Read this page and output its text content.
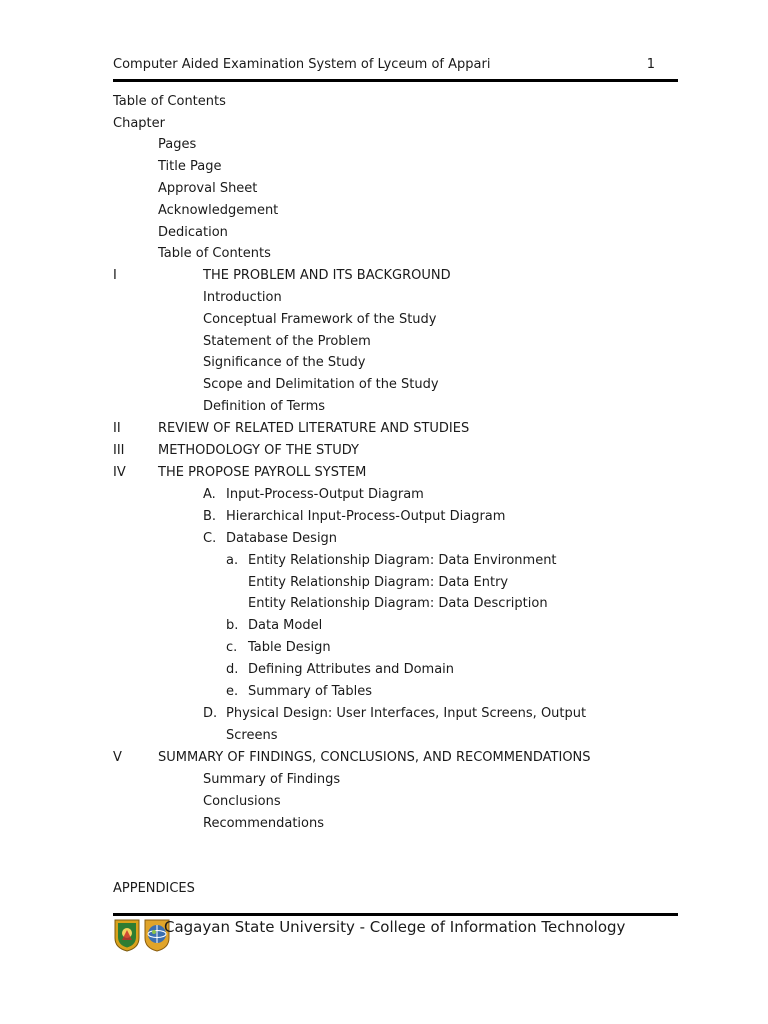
Computer Aided Examination System of Lyceum of Appari	1
Table of Contents
Chapter
Pages
Title Page
Approval Sheet
Acknowledgement
Dedication
Table of Contents
I	THE PROBLEM AND ITS BACKGROUND
Introduction
Conceptual Framework of the Study
Statement of the Problem
Significance of the Study
Scope and Delimitation of the Study
Definition of Terms
II	REVIEW OF RELATED LITERATURE AND STUDIES
III	METHODOLOGY OF THE STUDY
IV THE PROPOSE PAYROLL SYSTEM
A. Input-Process-Output Diagram
B. Hierarchical Input-Process-Output Diagram
C. Database Design
a. Entity Relationship Diagram: Data Environment
Entity Relationship Diagram: Data Entry
Entity Relationship Diagram: Data Description
b. Data Model
c. Table Design
d. Defining Attributes and Domain
e. Summary of Tables
D. Physical Design: User Interfaces, Input Screens, Output
Screens
V	SUMMARY OF FINDINGS, CONCLUSIONS, AND RECOMMENDATIONS
Summary of Findings
Conclusions
Recommendations
APPENDICES
Cagayan State University - College of Information Technology
